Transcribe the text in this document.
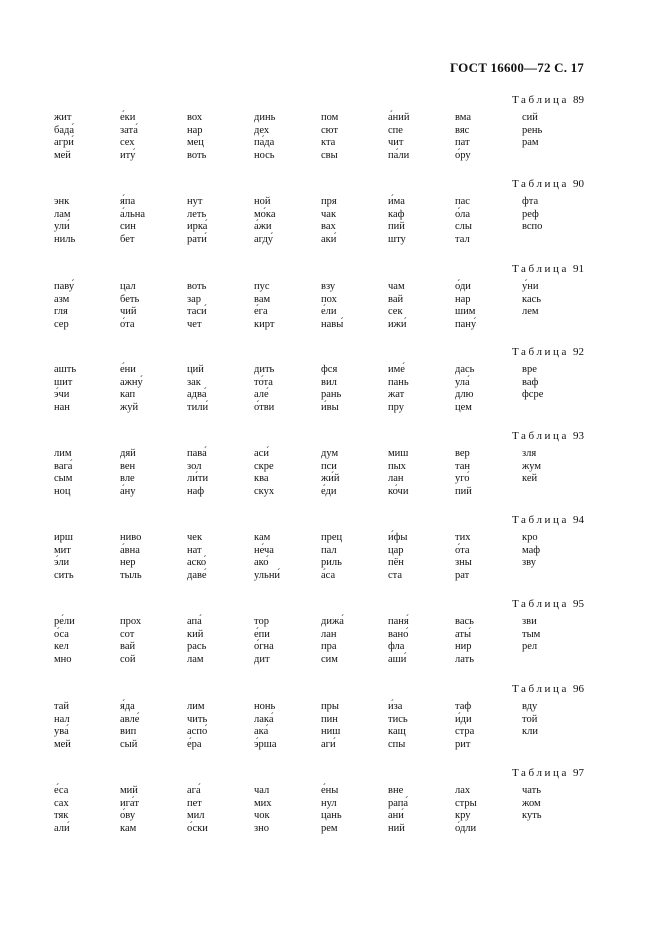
ГОСТ 16600—72 С. 17
Таблица 89
жит
бада́
агри́
мей
е́ки
зата́
сех
иту́
вох
нар
мец
воть
динь
дех
па́да
нось
пом
сют
кта
свы
а́ний
спе
чит
па́ли
вма
вяс
пат
о́ру
сий
рень
рам
Таблица 90
энк
лам
ули́
ниль
я́па
а́льна
син
бет
нут
леть
ирка́
рати́
ной
мо́ка
а́жи
агду́
пря
чак
вах
аки́
и́ма
каф
пий
шту
пас
о́ла
слы
тал
фта
реф
вспо
Таблица 91
паву́
азм
гля
сер
цал
беть
чий
о́та
воть
зар
таси́
чет
пус
вам
е́га
кирт
взу
пох
е́ли
навы́
чам
вай
сек
ижи́
о́ди
нар
шим
пану́
у́ни
кась
лем
Таблица 92
ашть
шит
э́чи
нан
е́ни
ажну́
кап
жуй
ций
зак
адва́
тили́
дить
то́та
але́
о́тви
фся
вил
рань
и́вы
име́
пань
жат
пру
дась
ула́
длю
цем
вре
ваф
фсре
Таблица 93
лим
вага́
сым
ноц
дяй
вен
вле
а́ну
пава́
зол
ли́ти
наф
аси́
скре
ква
скух
дум
пси
жи́й
е́ди
миш
пых
лан
ко́чи
вер
тан
уго́
пий
зля
жум
кей
Таблица 94
ирш
мит
э́ли
сить
ниво
а́вна
нер
тыль
чек
нат
аско́
даве́
кам
не́ча
ако́
ульни́
прец
пал
риль
а́са
и́фы
цар
пён
ста
тих
о́та
зны
рат
кро
маф
зву
Таблица 95
ре́ли
о́са
кел
мно
прох
сот
вай
сой
апа́
кий
рась
лам
тор
е́пи
о́гна
дит
дижа́
лан
пра
сим
паня́
вано́
фла
аши́
вась
аты́
нир
лать
зви
тым
рел
Таблица 96
тай
нал
ува́
мей
я́да
авле́
вип
сый
лим
чить
аспо́
е́ра
нонь
лака́
ака́
э́рша
пры
пин
ниш
аги́
и́за
тись
кащ
спы
таф
и́ди
стра
рит
вду
той
кли
Таблица 97
е́са
сах
тяк
али́
мий
ига́т
о́ву
кам
ага́
пет
мил
о́ски
чал
мих
чок
зно
е́ны
нул
цань
рем
вне
рапа́
ани́
ний
лах
стры
кру
о́дли
чать
жом
куть
